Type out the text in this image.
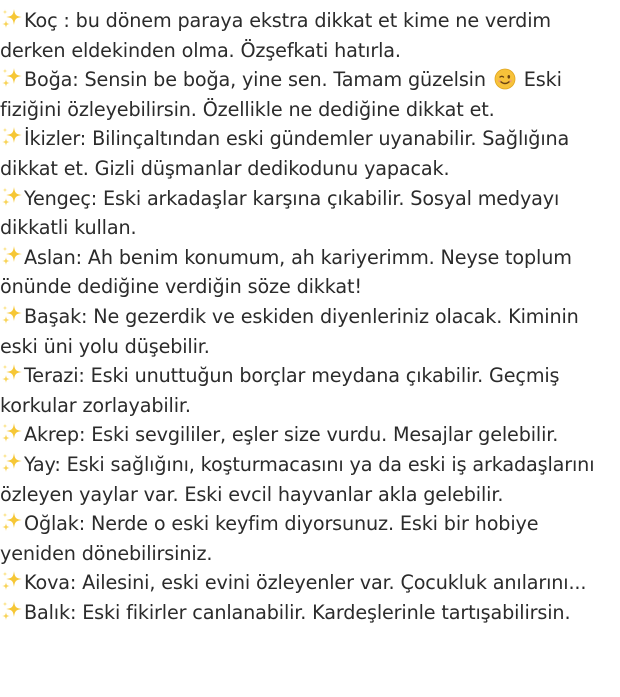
Koç : bu dönem paraya ekstra dikkat et kime ne verdim derken eldekinden olma. Özşefkati hatırla.

Boğa: Sensin be boğa, yine sen. Tamam güzelsin Eski fiziğini özleyebilirsin. Özellikle ne dediğine dikkat et.

İkizler: Bilinçaltından eski gündemler uyanabilir. Sağlığına dikkat et. Gizli düşmanlar dedikodunu yapacak.

Yengeç: Eski arkadaşlar karşına çıkabilir. Sosyal medyayı dikkatli kullan.

Aslan: Ah benim konumum, ah kariyerimm. Neyse toplum önünde dediğine verdiğin söze dikkat!

Başak: Ne gezerdik ve eskiden diyenleriniz olacak. Kiminin eski üni yolu düşebilir.

Terazi: Eski unuttuğun borçlar meydana çıkabilir. Geçmiş korkular zorlayabilir.

Akrep: Eski sevgililer, eşler size vurdu. Mesajlar gelebilir.

Yay: Eski sağlığını, koşturmacasını ya da eski iş arkadaşlarını özleyen yaylar var. Eski evcil hayvanlar akla gelebilir.

Oğlak: Nerde o eski keyfim diyorsunuz. Eski bir hobiye yeniden dönebilirsiniz.

Kova: Ailesini, eski evini özleyenler var. Çocukluk anılarını...

Balık: Eski fikirler canlanabilir. Kardeşlerinle tartışabilirsin.
